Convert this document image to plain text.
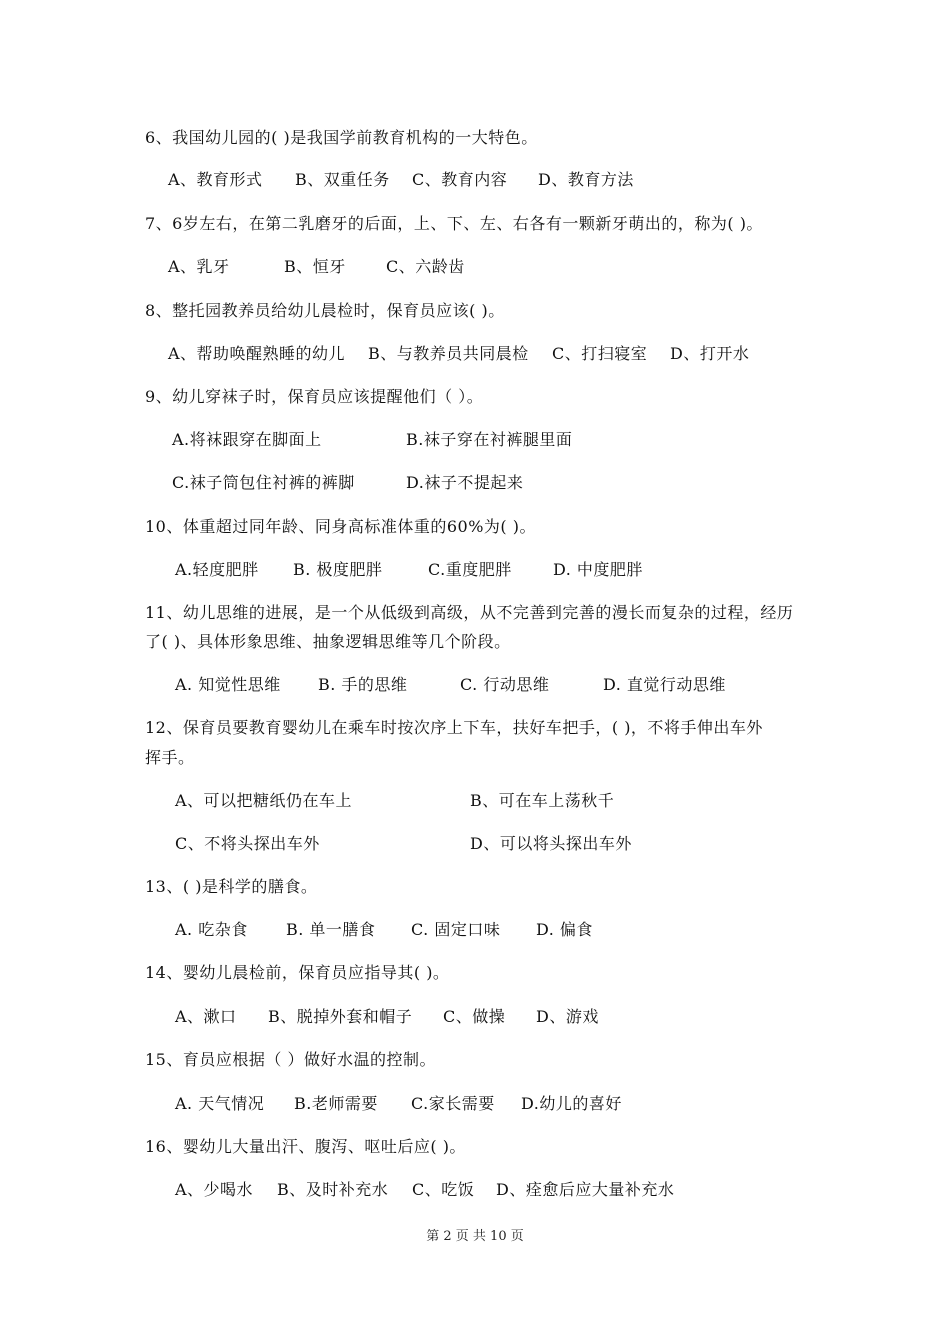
6、我国幼儿园的( )是我国学前教育机构的一大特色。
A、教育形式 B、双重任务 C、教育内容 D、教育方法
7、6岁左右，在第二乳磨牙的后面，上、下、左、右各有一颗新牙萌出的，称为( )。
A、乳牙	B、恒牙	C、六龄齿
8、整托园教养员给幼儿晨检时，保育员应该( )。
A、帮助唤醒熟睡的幼儿 B、与教养员共同晨检 C、打扫寝室 D、打开水
9、幼儿穿袜子时，保育员应该提醒他们（ ）。
A.将袜跟穿在脚面上	B.袜子穿在衬裤腿里面
C.袜子筒包住衬裤的裤脚	D.袜子不提起来
10、体重超过同年龄、同身高标准体重的60%为( )。
A.轻度肥胖 B. 极度肥胖	C.重度肥胖	D. 中度肥胖
11、幼儿思维的进展，是一个从低级到高级，从不完善到完善的漫长而复杂的过程，经历
了( )、具体形象思维、抽象逻辑思维等几个阶段。
A. 知觉性思维 B. 手的思维	C. 行动思维	D. 直觉行动思维
12、保育员要教育婴幼儿在乘车时按次序上下车，扶好车把手，( )，不将手伸出车外
挥手。
A、可以把糖纸仍在车上	B、可在车上荡秋千
C、不将头探出车外	D、可以将头探出车外
13、( )是科学的膳食。
A. 吃杂食 B. 单一膳食 C. 固定口味 D. 偏食
14、婴幼儿晨检前，保育员应指导其( )。
A、漱口 B、脱掉外套和帽子 C、做操 D、游戏
15、育员应根据（ ）做好水温的控制。
A. 天气情况 B.老师需要 C.家长需要 D.幼儿的喜好
16、婴幼儿大量出汗、腹泻、呕吐后应( )。
A、少喝水 B、及时补充水 C、吃饭 D、痊愈后应大量补充水
第 2 页 共 10 页
